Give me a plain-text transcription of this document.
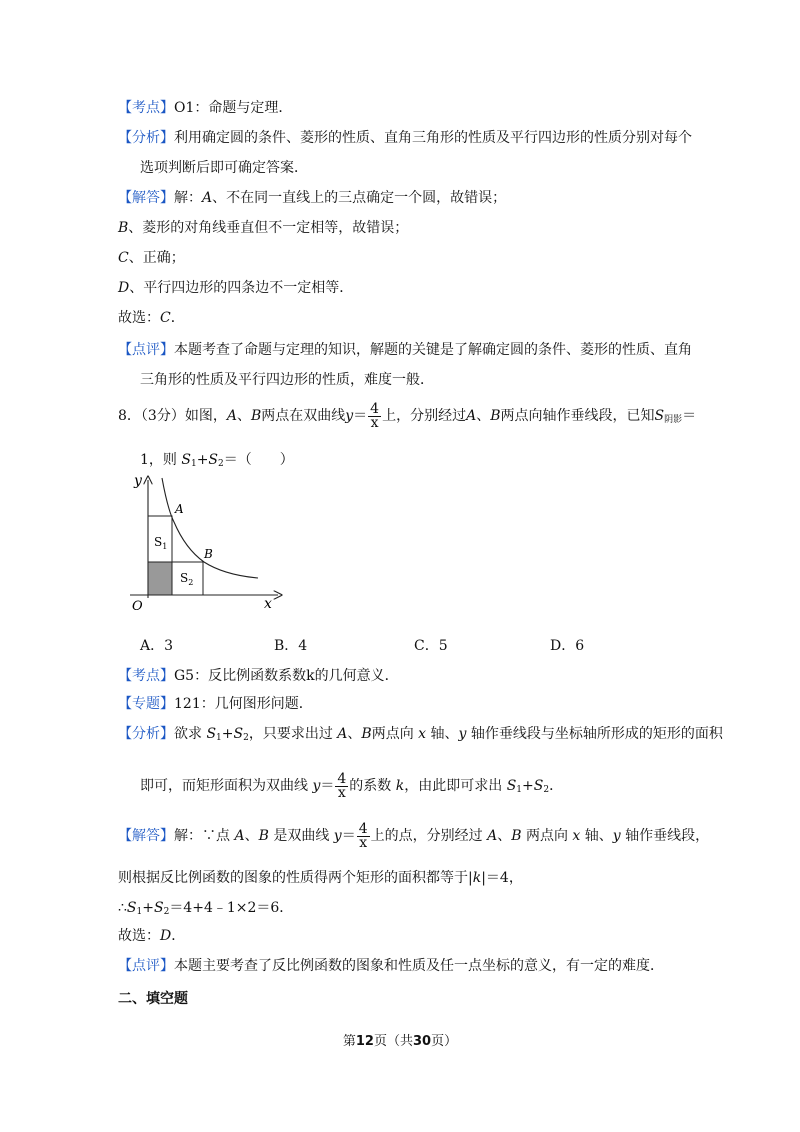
【考点】O1：命题与定理．
【分析】利用确定圆的条件、菱形的性质、直角三角形的性质及平行四边形的性质分别对每个
选项判断后即可确定答案．
【解答】解：A、不在同一直线上的三点确定一个圆，故错误；
B、菱形的对角线垂直但不一定相等，故错误；
C、正确；
D、平行四边形的四条边不一定相等．
故选：C．
【点评】本题考查了命题与定理的知识，解题的关键是了解确定圆的条件、菱形的性质、直角
三角形的性质及平行四边形的性质，难度一般．
8．（3分）如图，A、B两点在双曲线$y= \frac{4}{x}$ 上，分别经过A、B两点向轴作垂线段，已知$S_{阴影}=$
1，则 $S_1+S_2=$（　　）
y
x
O
A
B
$S_1$
$S_2$
A．3	B．4	C．5	D．6
【考点】G5：反比例函数系数k的几何意义．
【专题】121：几何图形问题．
【分析】欲求 $S_1+S_2$，只要求出过 A、B两点向 x 轴、y 轴作垂线段与坐标轴所形成的矩形的面积
即可，而矩形面积为双曲线 $y= \frac{4}{x}$ 的系数 k，由此即可求出 $S_1+S_2$．
【解答】解：∵点 A、B 是双曲线 $y= \frac{4}{x}$ 上的点，分别经过 A、B 两点向 x 轴、y 轴作垂线段，
则根据反比例函数的图象的性质得两个矩形的面积都等于|k|＝4，
$\therefore S_1+S_2=4+4﹣1\times 2=6$．
故选：D．
【点评】本题主要考查了反比例函数的图象和性质及任一点坐标的意义，有一定的难度．
二、填空题
第12页（共30页）
